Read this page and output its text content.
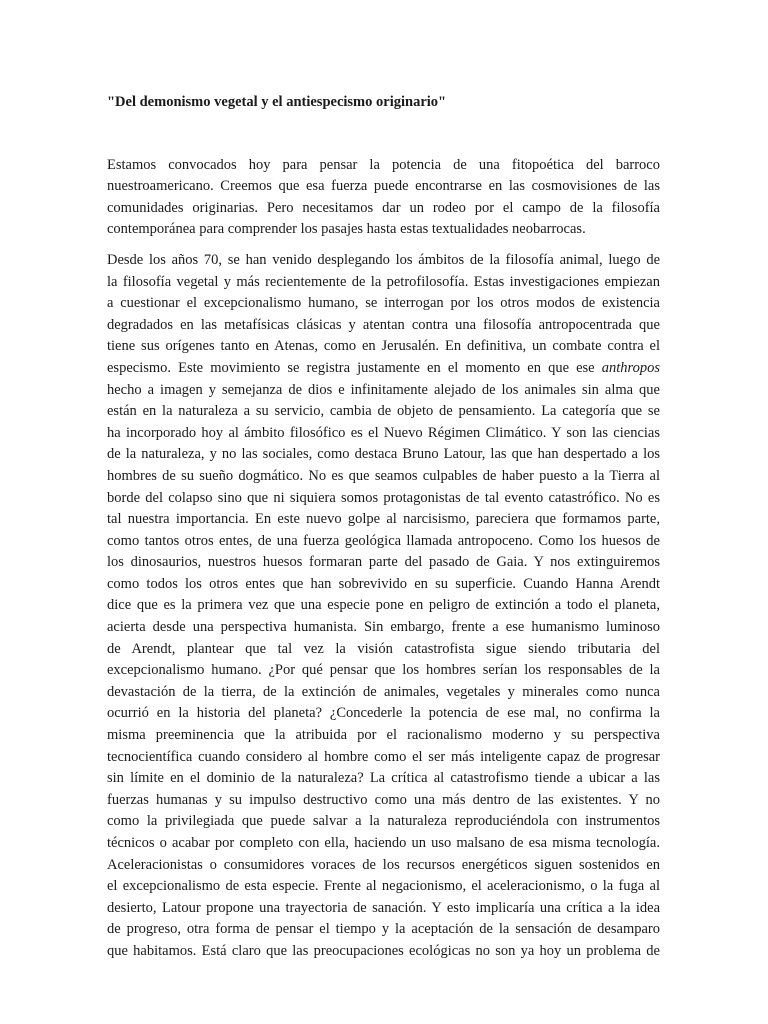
"Del demonismo vegetal y el antiespecismo originario"
Estamos convocados hoy para pensar la potencia de una fitopoética del barroco
nuestroamericano. Creemos que esa fuerza puede encontrarse en las cosmovisiones de las
comunidades originarias. Pero necesitamos dar un rodeo por el campo de la filosofía
contemporánea para comprender los pasajes hasta estas textualidades neobarrocas.
Desde los años 70, se han venido desplegando los ámbitos de la filosofía animal, luego de
la filosofía vegetal y más recientemente de la petrofilosofía. Estas investigaciones empiezan
a cuestionar el excepcionalismo humano, se interrogan por los otros modos de existencia
degradados en las metafísicas clásicas y atentan contra una filosofía antropocentrada que
tiene sus orígenes tanto en Atenas, como en Jerusalén. En definitiva, un combate contra el
especismo. Este movimiento se registra justamente en el momento en que ese anthropos
hecho a imagen y semejanza de dios e infinitamente alejado de los animales sin alma que
están en la naturaleza a su servicio, cambia de objeto de pensamiento. La categoría que se
ha incorporado hoy al ámbito filosófico es el Nuevo Régimen Climático. Y son las ciencias
de la naturaleza, y no las sociales, como destaca Bruno Latour, las que han despertado a los
hombres de su sueño dogmático. No es que seamos culpables de haber puesto a la Tierra al
borde del colapso sino que ni siquiera somos protagonistas de tal evento catastrófico. No es
tal nuestra importancia. En este nuevo golpe al narcisismo, pareciera que formamos parte,
como tantos otros entes, de una fuerza geológica llamada antropoceno. Como los huesos de
los dinosaurios, nuestros huesos formaran parte del pasado de Gaia. Y nos extinguiremos
como todos los otros entes que han sobrevivido en su superficie. Cuando Hanna Arendt
dice que es la primera vez que una especie pone en peligro de extinción a todo el planeta,
acierta desde una perspectiva humanista. Sin embargo, frente a ese humanismo luminoso
de Arendt, plantear que tal vez la visión catastrofista sigue siendo tributaria del
excepcionalismo humano. ¿Por qué pensar que los hombres serían los responsables de la
devastación de la tierra, de la extinción de animales, vegetales y minerales como nunca
ocurrió en la historia del planeta? ¿Concederle la potencia de ese mal, no confirma la
misma preeminencia que la atribuida por el racionalismo moderno y su perspectiva
tecnocientífica cuando considero al hombre como el ser más inteligente capaz de progresar
sin límite en el dominio de la naturaleza? La crítica al catastrofismo tiende a ubicar a las
fuerzas humanas y su impulso destructivo como una más dentro de las existentes. Y no
como la privilegiada que puede salvar a la naturaleza reproduciéndola con instrumentos
técnicos o acabar por completo con ella, haciendo un uso malsano de esa misma tecnología.
Aceleracionistas o consumidores voraces de los recursos energéticos siguen sostenidos en
el excepcionalismo de esta especie. Frente al negacionismo, el aceleracionismo, o la fuga al
desierto, Latour propone una trayectoria de sanación. Y esto implicaría una crítica a la idea
de progreso, otra forma de pensar el tiempo y la aceptación de la sensación de desamparo
que habitamos. Está claro que las preocupaciones ecológicas no son ya hoy un problema de
